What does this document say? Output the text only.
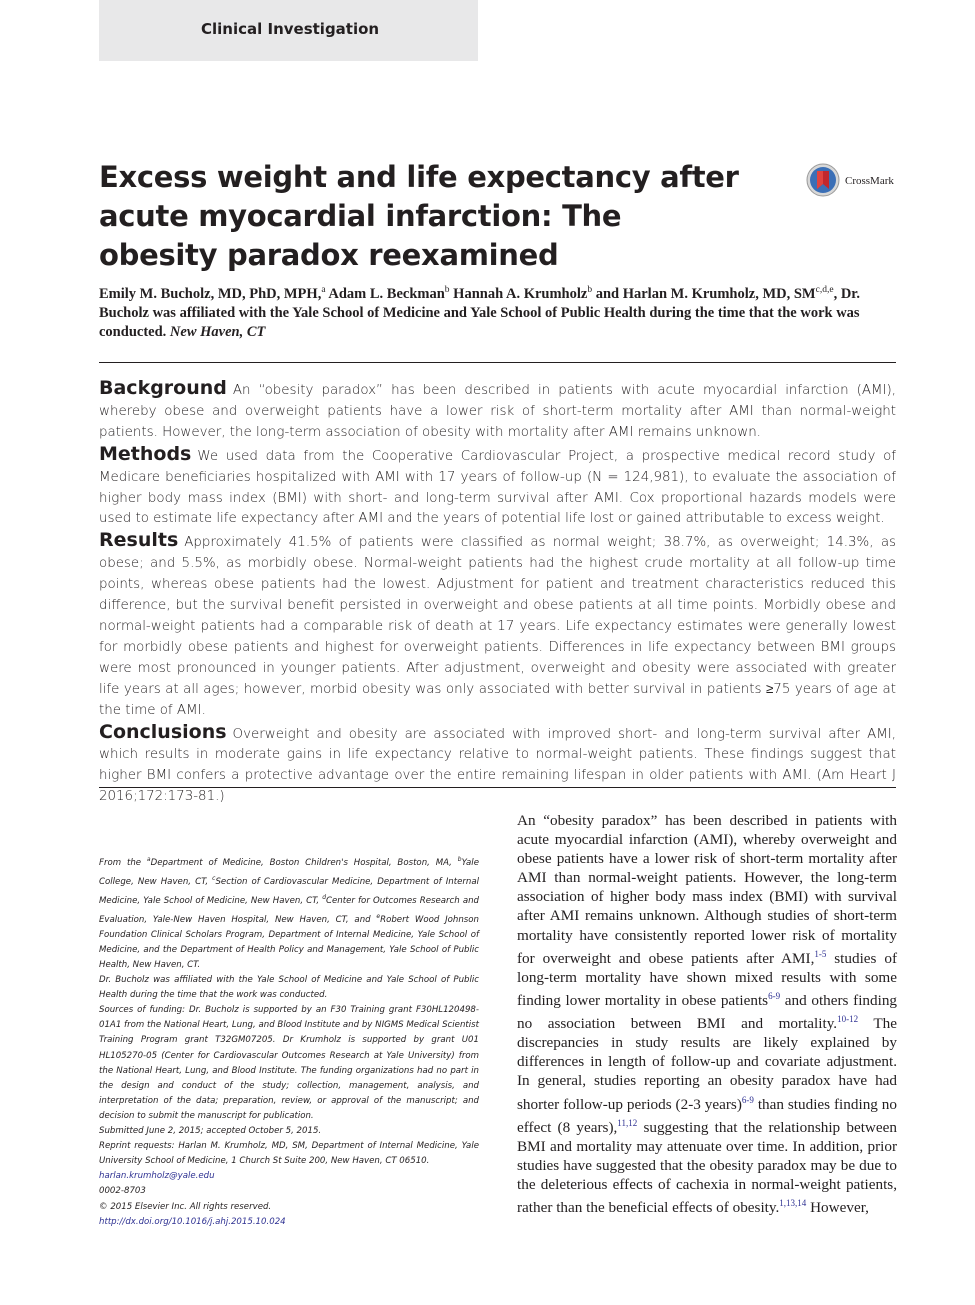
Clinical Investigation
Excess weight and life expectancy after acute myocardial infarction: The obesity paradox reexamined
CrossMark
Emily M. Bucholz, MD, PhD, MPH,$^a$ Adam L. Beckman$^b$ Hannah A. Krumholz$^b$ and Harlan M. Krumholz, MD, SM$^{c,d,e}$, Dr. Bucholz was affiliated with the Yale School of Medicine and Yale School of Public Health during the time that the work was conducted. New Haven, CT

Background An “obesity paradox” has been described in patients with acute myocardial infarction (AMI), whereby obese and overweight patients have a lower risk of short-term mortality after AMI than normal-weight patients. However, the long-term association of obesity with mortality after AMI remains unknown.

Methods We used data from the Cooperative Cardiovascular Project, a prospective medical record study of Medicare beneficiaries hospitalized with AMI with 17 years of follow-up (N = 124,981), to evaluate the association of higher body mass index (BMI) with short- and long-term survival after AMI. Cox proportional hazards models were used to estimate life expectancy after AMI and the years of potential life lost or gained attributable to excess weight.

Results Approximately 41.5% of patients were classified as normal weight; 38.7%, as overweight; 14.3%, as obese; and 5.5%, as morbidly obese. Normal-weight patients had the highest crude mortality at all follow-up time points, whereas obese patients had the lowest. Adjustment for patient and treatment characteristics reduced this difference, but the survival benefit persisted in overweight and obese patients at all time points. Morbidly obese and normal-weight patients had a comparable risk of death at 17 years. Life expectancy estimates were generally lowest for morbidly obese patients and highest for overweight patients. Differences in life expectancy between BMI groups were most pronounced in younger patients. After adjustment, overweight and obesity were associated with greater life years at all ages; however, morbid obesity was only associated with better survival in patients ≥75 years of age at the time of AMI.

Conclusions Overweight and obesity are associated with improved short- and long-term survival after AMI, which results in moderate gains in life expectancy relative to normal-weight patients. These findings suggest that higher BMI confers a protective advantage over the entire remaining lifespan in older patients with AMI. (Am Heart J 2016;172:173-81.)

From the $^a$Department of Medicine, Boston Children's Hospital, Boston, MA, $^b$Yale College, New Haven, CT, $^c$Section of Cardiovascular Medicine, Department of Internal Medicine, Yale School of Medicine, New Haven, CT, $^d$Center for Outcomes Research and Evaluation, Yale-New Haven Hospital, New Haven, CT, and $^e$Robert Wood Johnson Foundation Clinical Scholars Program, Department of Internal Medicine, Yale School of Medicine, and the Department of Health Policy and Management, Yale School of Public Health, New Haven, CT.

Dr. Bucholz was affiliated with the Yale School of Medicine and Yale School of Public Health during the time that the work was conducted.

Sources of funding: Dr. Bucholz is supported by an F30 Training grant F30HL120498-01A1 from the National Heart, Lung, and Blood Institute and by NIGMS Medical Scientist Training Program grant T32GM07205. Dr Krumholz is supported by grant U01 HL105270-05 (Center for Cardiovascular Outcomes Research at Yale University) from the National Heart, Lung, and Blood Institute. The funding organizations had no part in the design and conduct of the study; collection, management, analysis, and interpretation of the data; preparation, review, or approval of the manuscript; and decision to submit the manuscript for publication.

Submitted June 2, 2015; accepted October 5, 2015.

Reprint requests: Harlan M. Krumholz, MD, SM, Department of Internal Medicine, Yale University School of Medicine, 1 Church St Suite 200, New Haven, CT 06510.

harlan.krumholz@yale.edu

0002-8703

© 2015 Elsevier Inc. All rights reserved.

http://dx.doi.org/10.1016/j.ahj.2015.10.024

An “obesity paradox” has been described in patients with acute myocardial infarction (AMI), whereby overweight and obese patients have a lower risk of short-term mortality after AMI than normal-weight patients. However, the long-term association of higher body mass index (BMI) with survival after AMI remains unknown. Although studies of short-term mortality have consistently reported lower risk of mortality for overweight and obese patients after AMI,$^{1-5}$ studies of long-term mortality have shown mixed results with some finding lower mortality in obese patients$^{6-9}$ and others finding no association between BMI and mortality.$^{10-12}$ The discrepancies in study results are likely explained by differences in length of follow-up and covariate adjustment. In general, studies reporting an obesity paradox have had shorter follow-up periods (2-3 years)$^{6-9}$ than studies finding no effect (8 years),$^{11,12}$ suggesting that the relationship between BMI and mortality may attenuate over time. In addition, prior studies have suggested that the obesity paradox may be due to the deleterious effects of cachexia in normal-weight patients, rather than the beneficial effects of obesity.$^{1,13,14}$ However,
